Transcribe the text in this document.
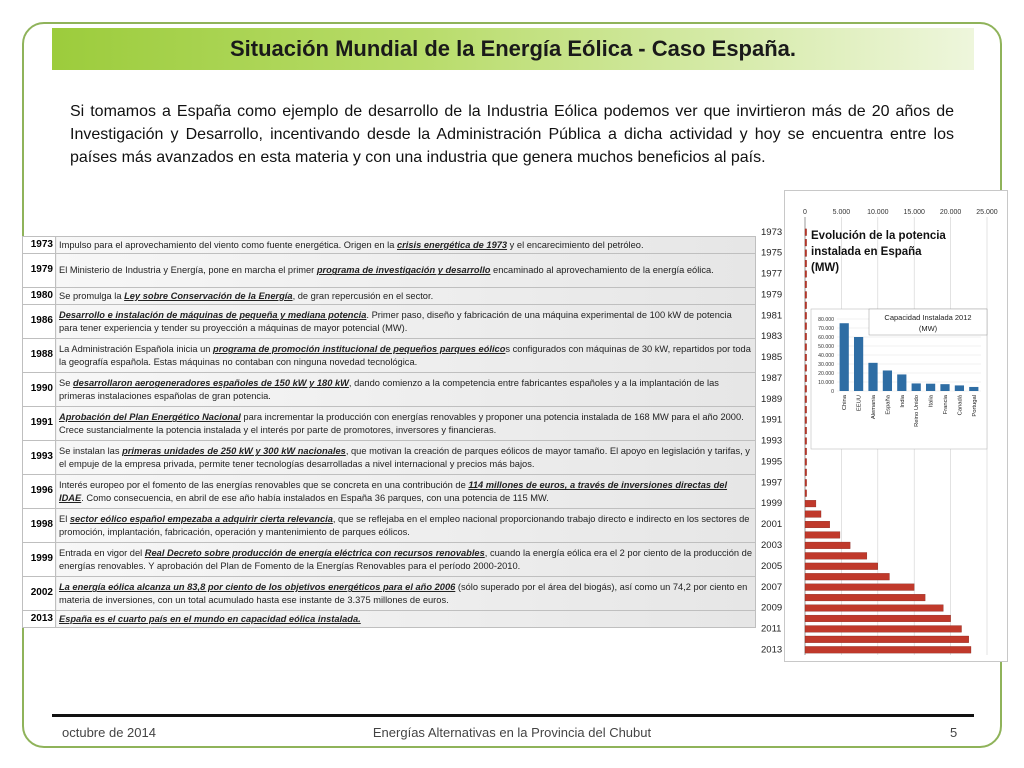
Situación Mundial de la Energía Eólica - Caso España.
Si tomamos a España como ejemplo de desarrollo de la Industria Eólica podemos ver que invirtieron más de 20 años de Investigación y Desarrollo, incentivando desde la Administración Pública a dicha actividad y hoy se encuentra entre los países más avanzados en esta materia y con una industria que genera muchos beneficios al país.
1973	Impulso para el aprovechamiento del viento como fuente energética. Origen en la crisis energética de 1973 y el encarecimiento del petróleo.
1979	El Ministerio de Industria y Energía, pone en marcha el primer programa de investigación y desarrollo encaminado al aprovechamiento de la energía eólica.
1980	Se promulga la Ley sobre Conservación de la Energía, de gran repercusión en el sector.
1986	Desarrollo e instalación de máquinas de pequeña y mediana potencia. Primer paso, diseño y fabricación de una máquina experimental de 100 kW de potencia para tener experiencia y tender su proyección a máquinas de mayor potencial (MW).
1988	La Administración Española inicia un programa de promoción institucional de pequeños parques eólicos configurados con máquinas de 30 kW, repartidos por toda la geografía española. Estas máquinas no contaban con ninguna novedad tecnológica.
1990	Se desarrollaron aerogeneradores españoles de 150 kW y 180 kW, dando comienzo a la competencia entre fabricantes españoles y a la implantación de las primeras instalaciones españolas de gran potencia.
1991	Aprobación del Plan Energético Nacional para incrementar la producción con energías renovables y proponer una potencia instalada de 168 MW para el año 2000. Crece sustancialmente la potencia instalada y el interés por parte de promotores, inversores y financieras.
1993	Se instalan las primeras unidades de 250 kW y 300 kW nacionales, que motivan la creación de parques eólicos de mayor tamaño. El apoyo en legislación y tarifas, y el empuje de la empresa privada, permite tener tecnologías desarrolladas a nivel internacional y precios más bajos.
1996	Interés europeo por el fomento de las energías renovables que se concreta en una contribución de 114 millones de euros, a través de inversiones directas del IDAE. Como consecuencia, en abril de ese año había instalados en España 36 parques, con una potencia de 115 MW.
1998	El sector eólico español empezaba a adquirir cierta relevancia, que se reflejaba en el empleo nacional proporcionando trabajo directo e indirecto en los sectores de promoción, implantación, fabricación, operación y mantenimiento de parques eólicos.
1999	Entrada en vigor del Real Decreto sobre producción de energía eléctrica con recursos renovables, cuando la energía eólica era el 2 por ciento de la producción de energías renovables. Y aprobación del Plan de Fomento de la Energías Renovables para el período 2000-2010.
2002	La energía eólica alcanza un 83,8 por ciento de los objetivos energéticos para el año 2006 (sólo superado por el área del biogás), así como un 74,2 por ciento en materia de inversiones, con un total acumulado hasta ese instante de 3.375 millones de euros.
2013	España es el cuarto país en el mundo en capacidad eólica instalada.
0	5.000 10.000 15.000 20.000 25.000
1973
1975
1977
1979
1981
1983
1985
1987
1989
1991
1993
1995
1997
1999
2001
2003
2005
2007
2009
2011
2013
Evolución de la potencia
instalada en España
(MW)
0
10.000
20.000
30.000
40.000
50.000
60.000
70.000
80.000
China EEUU Alemania España India Reino Unido Italia Francia Canadá Portugal
Capacidad Instalada 2012
(MW)
octubre de 2014	Energías Alternativas en la Provincia del Chubut	5
